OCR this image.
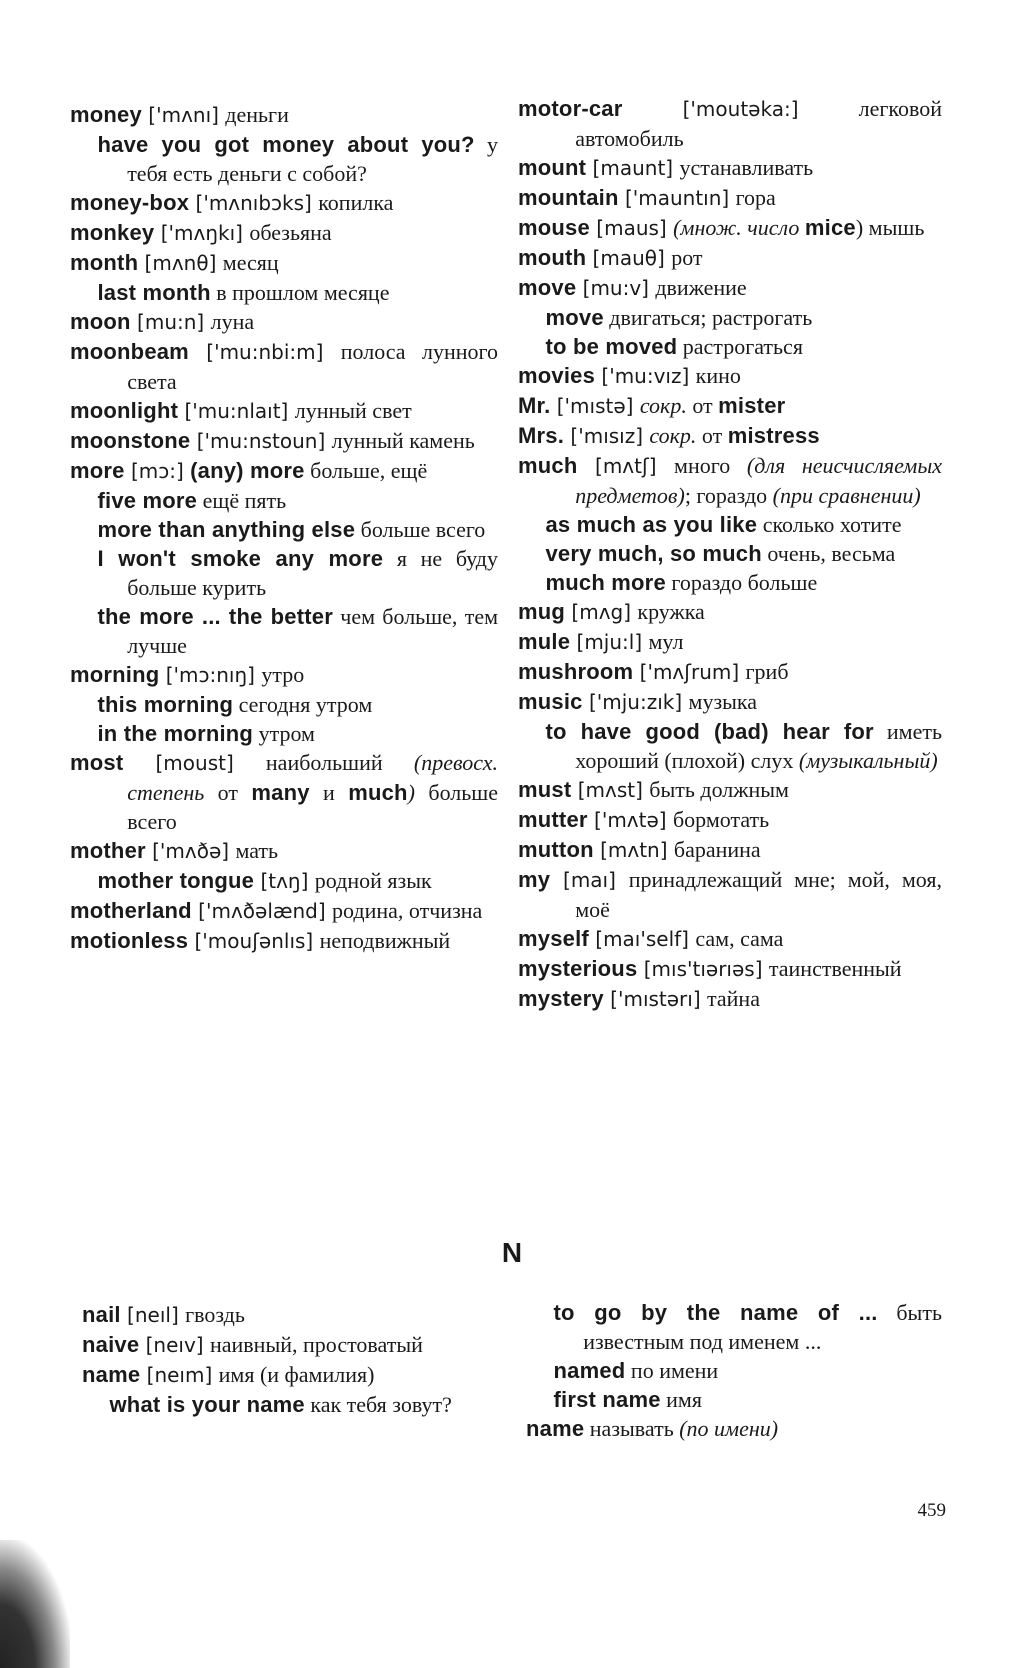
money ['mʌnı] деньги

have you got money about you? у тебя есть деньги с собой?

money-box ['mʌnıbɔks] копилка

monkey ['mʌŋkı] обезьяна

month [mʌnθ] месяц

last month в прошлом месяце

moon [mu:n] луна

moonbeam ['mu:nbi:m] полоса лунного света

moonlight ['mu:nlaıt] лунный свет

moonstone ['mu:nstoun] лунный камень

more [mɔ:] (any) more больше, ещё

five more ещё пять

more than anything else больше всего

I won't smoke any more я не буду больше курить

the more ... the better чем больше, тем лучше

morning ['mɔ:nıŋ] утро

this morning сегодня утром

in the morning утром

most [moust] наибольший (превосх. степень от many и much) больше всего

mother ['mʌðə] мать

mother tongue [tʌŋ] родной язык

motherland ['mʌðəlænd] родина, отчизна

motionless ['mouʃənlıs] неподвижный

motor-car ['moutəka:] легковой автомобиль

mount [maunt] устанавливать

mountain ['mauntın] гора

mouse [maus] (множ. число mice) мышь

mouth [mauθ] рот

move [mu:v] движение

move двигаться; растрогать

to be moved растрогаться

movies ['mu:vız] кино

Mr. ['mıstə] сокр. от mister

Mrs. ['mısız] сокр. от mistress

much [mʌtʃ] много (для неисчисляемых предметов); гораздо (при сравнении)

as much as you like сколько хотите

very much, so much очень, весьма

much more гораздо больше

mug [mʌg] кружка

mule [mju:l] мул

mushroom ['mʌʃrum] гриб

music ['mju:zık] музыка

to have good (bad) hear for иметь хороший (плохой) слух (музыкальный)

must [mʌst] быть должным

mutter ['mʌtə] бормотать

mutton [mʌtn] баранина

my [maı] принадлежащий мне; мой, моя, моё

myself [maı'self] сам, сама

mysterious [mıs'tıərıəs] таинственный

mystery ['mıstərı] тайна

N

nail [neıl] гвоздь

naive [neıv] наивный, простоватый

name [neım] имя (и фамилия)

what is your name как тебя зовут?

to go by the name of ... быть известным под именем ...

named по имени

first name имя

name называть (по имени)

459
